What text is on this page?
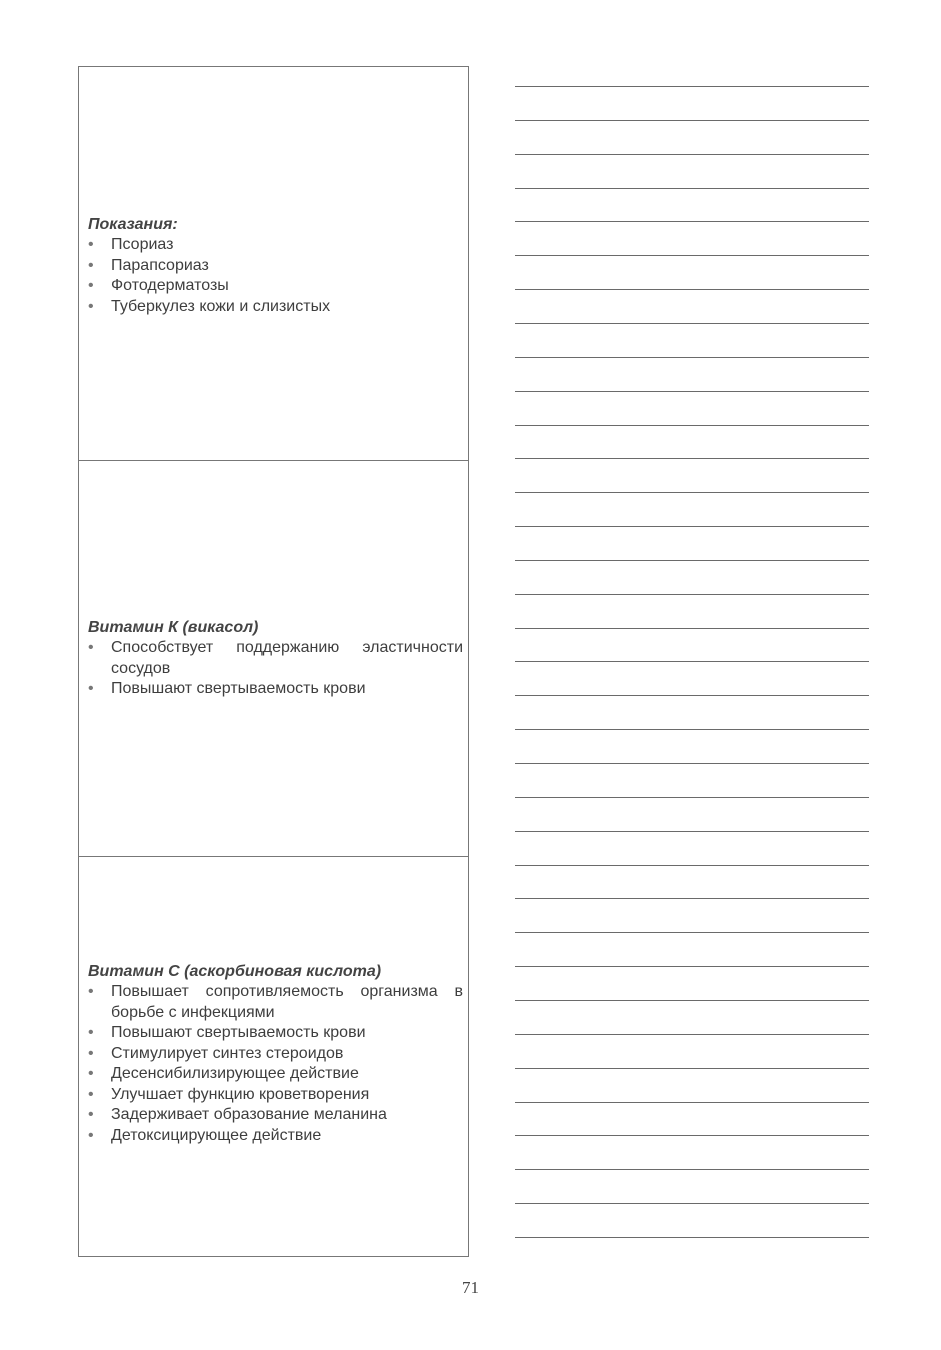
Показания:
• Псориаз
• Парапсориаз
• Фотодерматозы
• Туберкулез кожи и слизистых
Витамин К (викасол)
• Способствует поддержанию эластичности сосудов
• Повышают свертываемость крови
Витамин С (аскорбиновая кислота)
• Повышает сопротивляемость организма в борьбе с инфекциями
• Повышают свертываемость крови
• Стимулирует синтез стероидов
• Десенсибилизирующее действие
• Улучшает функцию кроветворения
• Задерживает образование меланина
• Детоксицирующее действие
71
